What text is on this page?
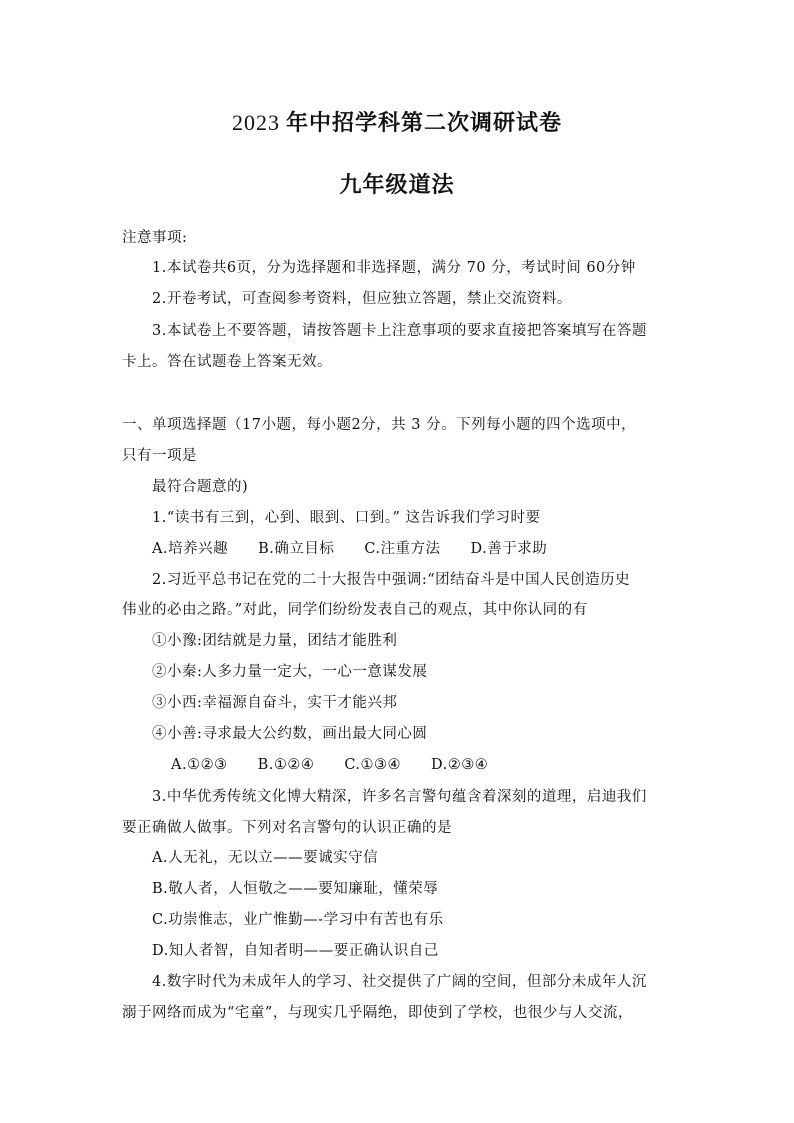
2023 年中招学科第二次调研试卷
九年级道法
注意事项:
1.本试卷共6页，分为选择题和非选择题，满分 70 分，考试时间 60分钟
2.开卷考试，可查阅参考资料，但应独立答题，禁止交流资料。
3.本试卷上不要答题，请按答题卡上注意事项的要求直接把答案填写在答题
卡上。答在试题卷上答案无效。
一、单项选择题（17小题，每小题2分，共 3 分。下列每小题的四个选项中，
只有一项是
最符合题意的)
1.“读书有三到，心到、眼到、口到。” 这告诉我们学习时要
A.培养兴趣　　B.确立目标　　C.注重方法　　D.善于求助
2.习近平总书记在党的二十大报告中强调:“团结奋斗是中国人民创造历史
伟业的必由之路。”对此，同学们纷纷发表自己的观点，其中你认同的有
①小豫:团结就是力量，团结才能胜利
②小秦:人多力量一定大，一心一意谋发展
③小西:幸福源自奋斗，实干才能兴邦
④小善:寻求最大公约数，画出最大同心圆
A.①②③　　B.①②④　　C.①③④　　D.②③④
3.中华优秀传统文化博大精深，许多名言警句蕴含着深刻的道理，启迪我们
要正确做人做事。下列对名言警句的认识正确的是
A.人无礼，无以立——要诚实守信
B.敬人者，人恒敬之——要知廉耻，懂荣辱
C.功崇惟志，业广惟勤—-学习中有苦也有乐
D.知人者智，自知者明——要正确认识自己
4.数字时代为未成年人的学习、社交提供了广阔的空间，但部分未成年人沉
溺于网络而成为“宅童”，与现实几乎隔绝，即使到了学校，也很少与人交流，
